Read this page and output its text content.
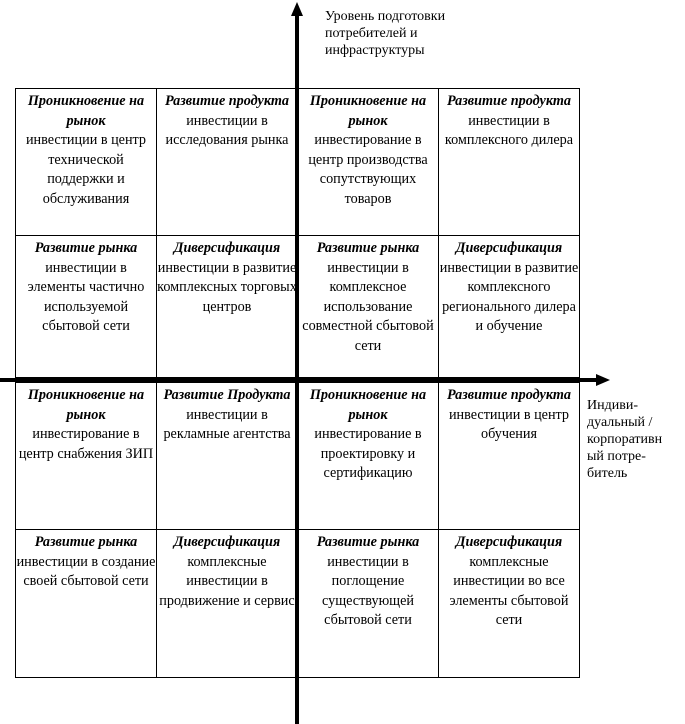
Уровень подготовки
потребителей и
инфраструктуры
Индиви-
дуальный /
корпоративн
ый потре-
битель
Проникновение на рынок
инвестиции в центр технической поддержки и обслуживания
Развитие продукта
инвестиции в исследования рынка
Проникновение на рынок
инвестирование в центр производства сопутствующих товаров
Развитие продукта
инвестиции в комплексного дилера
Развитие рынка
инвестиции в элементы частично используемой сбытовой сети
Диверсификация
инвестиции в развитие комплексных торговых центров
Развитие рынка
инвестиции в комплексное использование совместной сбытовой сети
Диверсификация
инвестиции в развитие комплексного регионального дилера и обучение
Проникновение на рынок
инвестирование в центр снабжения ЗИП
Развитие Продукта
инвестиции в рекламные агентства
Проникновение на рынок
инвестирование в проектировку и сертификацию
Развитие продукта
инвестиции в центр обучения
Развитие рынка
инвестиции в создание своей сбытовой сети
Диверсификация
комплексные инвестиции в продвижение и сервис
Развитие рынка
инвестиции в поглощение существующей сбытовой сети
Диверсификация
комплексные инвестиции во все элементы сбытовой сети
